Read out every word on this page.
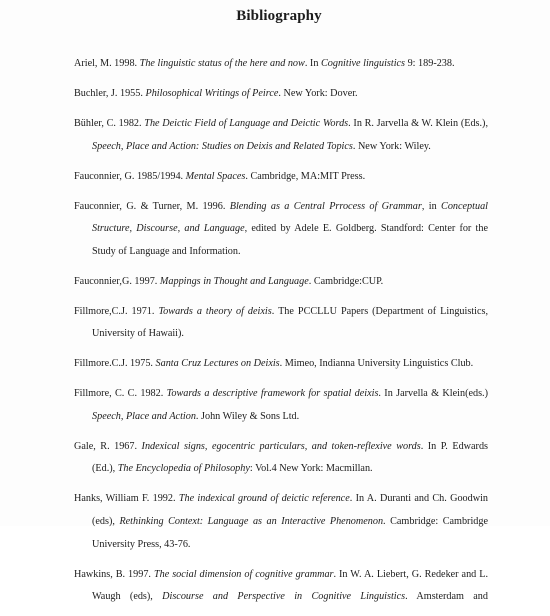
Bibliography
Ariel, M. 1998. The linguistic status of the here and now. In Cognitive linguistics 9: 189-238.
Buchler, J. 1955. Philosophical Writings of Peirce. New York: Dover.
Bühler, C. 1982. The Deictic Field of Language and Deictic Words. In R. Jarvella & W. Klein (Eds.), Speech, Place and Action: Studies on Deixis and Related Topics. New York: Wiley.
Fauconnier, G. 1985/1994. Mental Spaces. Cambridge, MA:MIT Press.
Fauconnier, G. & Turner, M. 1996. Blending as a Central Prrocess of Grammar, in Conceptual Structure, Discourse, and Language, edited by Adele E. Goldberg. Standford: Center for the Study of Language and Information.
Fauconnier,G. 1997. Mappings in Thought and Language. Cambridge:CUP.
Fillmore,C.J. 1971. Towards a theory of deixis. The PCCLLU Papers (Department of Linguistics, University of Hawaii).
Fillmore.C.J. 1975. Santa Cruz Lectures on Deixis. Mimeo, Indianna University Linguistics Club.
Fillmore, C. C. 1982. Towards a descriptive framework for spatial deixis. In Jarvella & Klein(eds.) Speech, Place and Action. John Wiley & Sons Ltd.
Gale, R. 1967. Indexical signs, egocentric particulars, and token-reflexive words. In P. Edwards (Ed.), The Encyclopedia of Philosophy: Vol.4 New York: Macmillan.
Hanks, William F. 1992. The indexical ground of deictic reference. In A. Duranti and Ch. Goodwin (eds), Rethinking Context: Language as an Interactive Phenomenon. Cambridge: Cambridge University Press, 43-76.
Hawkins, B. 1997. The social dimension of cognitive grammar. In W. A. Liebert, G. Redeker and L. Waugh (eds), Discourse and Perspective in Cognitive Linguistics. Amsterdam and
